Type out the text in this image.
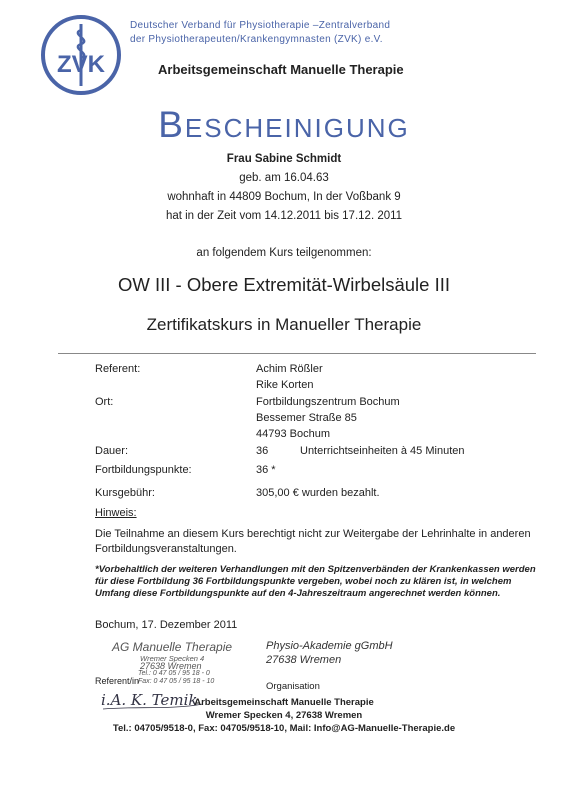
ZVK
Deutscher Verband für Physiotherapie –Zentralverband
der Physiotherapeuten/Krankengymnasten (ZVK) e.V.
Arbeitsgemeinschaft Manuelle Therapie
Bescheinigung
Frau Sabine Schmidt
geb. am 16.04.63
wohnhaft in 44809 Bochum, In der Voßbank 9
hat in der Zeit vom 14.12.2011 bis 17.12. 2011
an folgendem Kurs teilgenommen:
OW III - Obere Extremität-Wirbelsäule III
Zertifikatskurs in Manueller Therapie
Referent:	Achim Rößler
Rike Korten
Ort:	Fortbildungszentrum Bochum
Bessemer Straße 85
44793 Bochum
Dauer:	36	Unterrichtseinheiten à 45 Minuten
Fortbildungspunkte:	36 *
Kursgebühr:	305,00 € wurden bezahlt.
Hinweis:
Die Teilnahme an diesem Kurs berechtigt nicht zur Weitergabe der Lehrinhalte in anderen Fortbildungsveranstaltungen.
*Vorbehaltlich der weiteren Verhandlungen mit den Spitzenverbänden der Krankenkassen werden für diese Fortbildung 36 Fortbildungspunkte vergeben, wobei noch zu klären ist, in welchem Umfang diese Fortbildungspunkte auf den 4-Jahreszeitraum angerechnet werden können.
Bochum, 17. Dezember 2011
AG Manuelle Therapie
Wremer Specken 4
27638 Wremen
Tel.: 0 47 05 / 95 18 - 0
Fax: 0 47 05 / 95 18 - 10
Referent/in
i.A. K. Temik
Physio-Akademie gGmbH
27638 Wremen
Organisation
Arbeitsgemeinschaft Manuelle Therapie
Wremer Specken 4, 27638 Wremen
Tel.: 04705/9518-0, Fax: 04705/9518-10, Mail: Info@AG-Manuelle-Therapie.de
